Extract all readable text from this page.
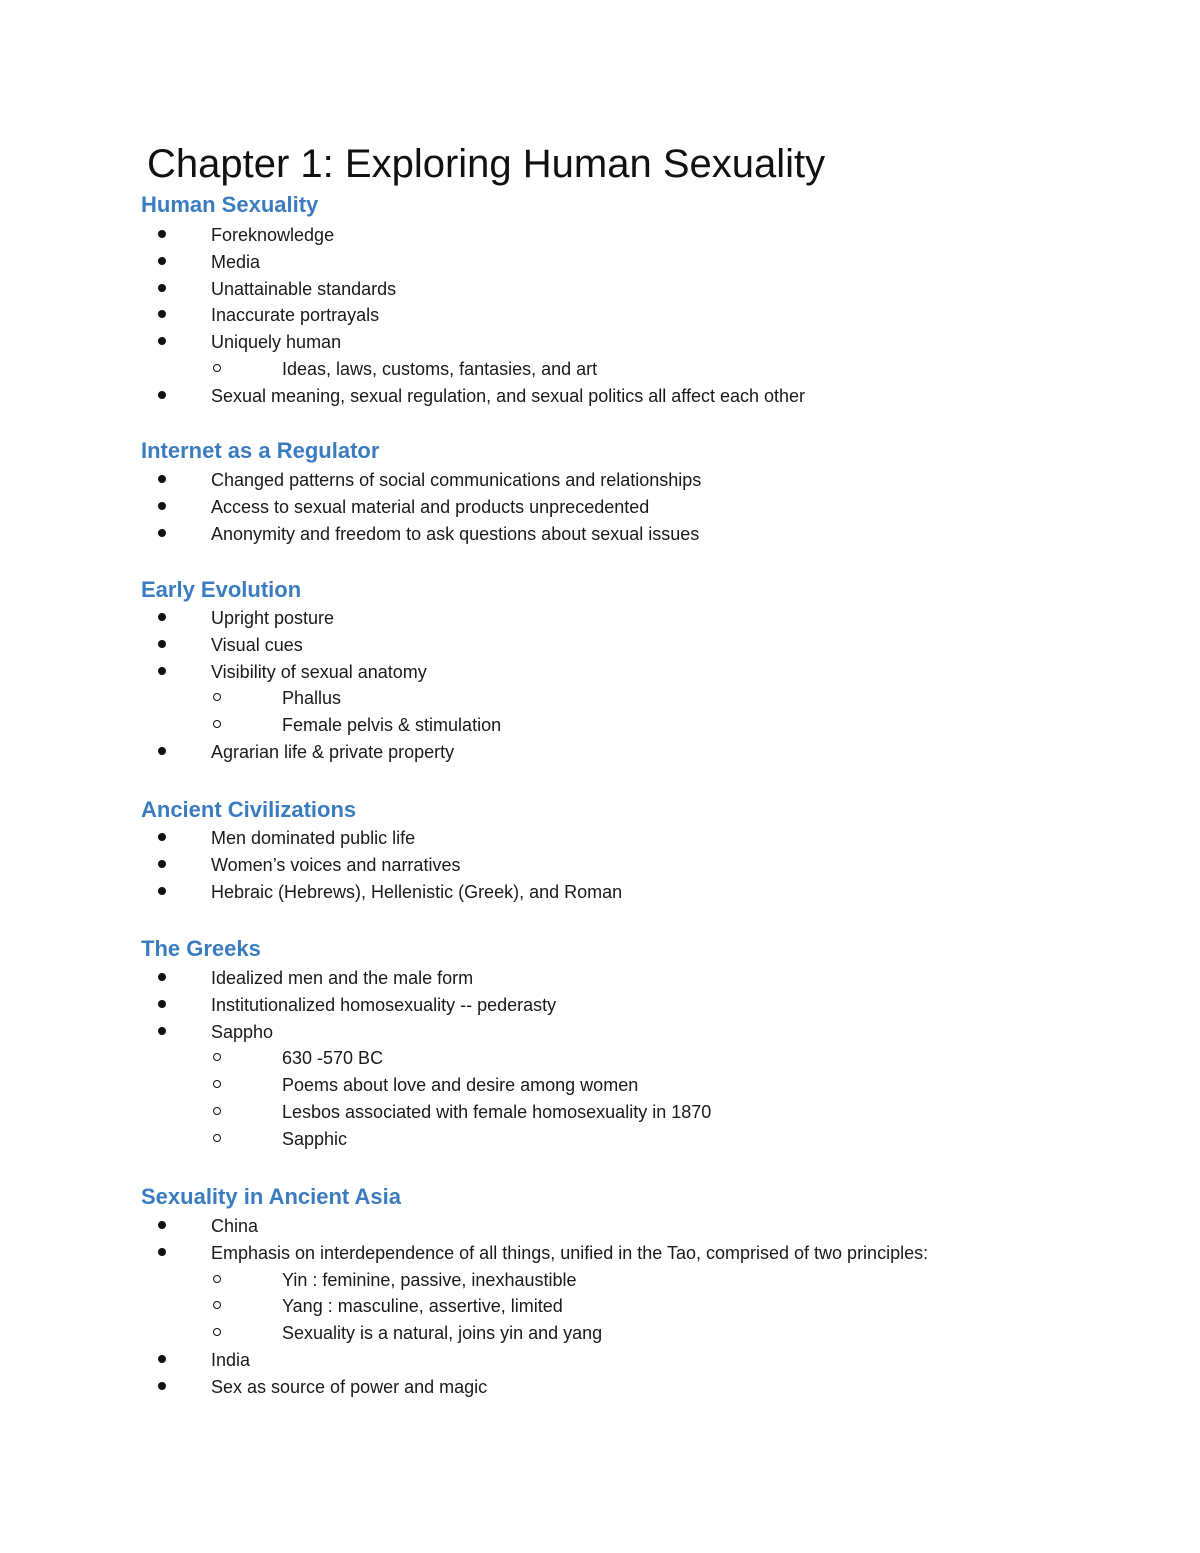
Chapter 1: Exploring Human Sexuality
Human Sexuality
Foreknowledge
Media
Unattainable standards
Inaccurate portrayals
Uniquely human
Ideas, laws, customs, fantasies, and art
Sexual meaning, sexual regulation, and sexual politics all affect each other
Internet as a Regulator
Changed patterns of social communications and relationships
Access to sexual material and products unprecedented
Anonymity and freedom to ask questions about sexual issues
Early Evolution
Upright posture
Visual cues
Visibility of sexual anatomy
Phallus
Female pelvis & stimulation
Agrarian life & private property
Ancient Civilizations
Men dominated public life
Women’s voices and narratives
Hebraic (Hebrews), Hellenistic (Greek), and Roman
The Greeks
Idealized men and the male form
Institutionalized homosexuality -- pederasty
Sappho
630 -570 BC
Poems about love and desire among women
Lesbos associated with female homosexuality in 1870
Sapphic
Sexuality in Ancient Asia
China
Emphasis on interdependence of all things, unified in the Tao, comprised of two principles:
Yin : feminine, passive, inexhaustible
Yang : masculine, assertive, limited
Sexuality is a natural, joins yin and yang
India
Sex as source of power and magic
